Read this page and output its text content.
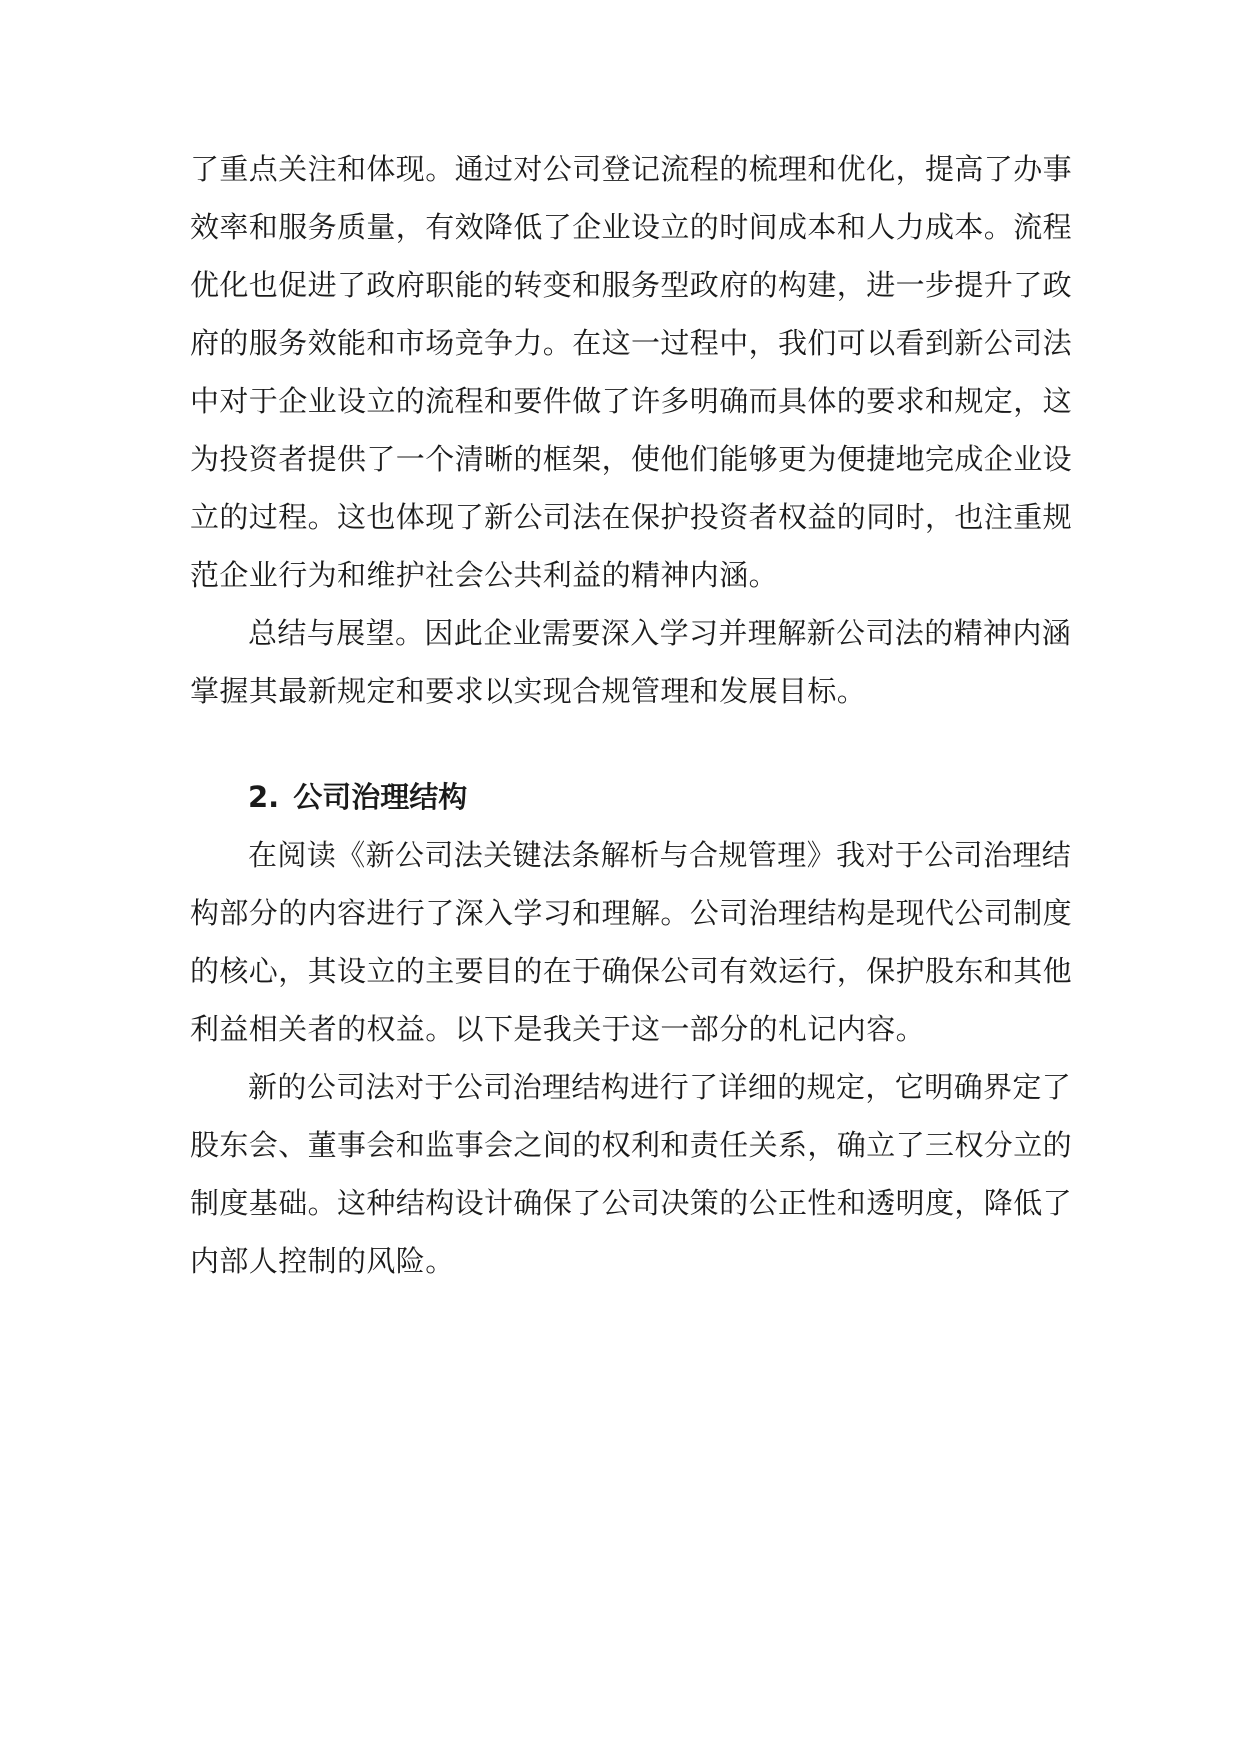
了重点关注和体现。通过对公司登记流程的梳理和优化，提高了办事
效率和服务质量，有效降低了企业设立的时间成本和人力成本。流程
优化也促进了政府职能的转变和服务型政府的构建，进一步提升了政
府的服务效能和市场竞争力。在这一过程中，我们可以看到新公司法
中对于企业设立的流程和要件做了许多明确而具体的要求和规定，这
为投资者提供了一个清晰的框架，使他们能够更为便捷地完成企业设
立的过程。这也体现了新公司法在保护投资者权益的同时，也注重规
范企业行为和维护社会公共利益的精神内涵。
总结与展望。因此企业需要深入学习并理解新公司法的精神内涵
掌握其最新规定和要求以实现合规管理和发展目标。
2. 公司治理结构
在阅读《新公司法关键法条解析与合规管理》我对于公司治理结
构部分的内容进行了深入学习和理解。公司治理结构是现代公司制度
的核心，其设立的主要目的在于确保公司有效运行，保护股东和其他
利益相关者的权益。以下是我关于这一部分的札记内容。
新的公司法对于公司治理结构进行了详细的规定，它明确界定了
股东会、董事会和监事会之间的权利和责任关系，确立了三权分立的
制度基础。这种结构设计确保了公司决策的公正性和透明度，降低了
内部人控制的风险。
